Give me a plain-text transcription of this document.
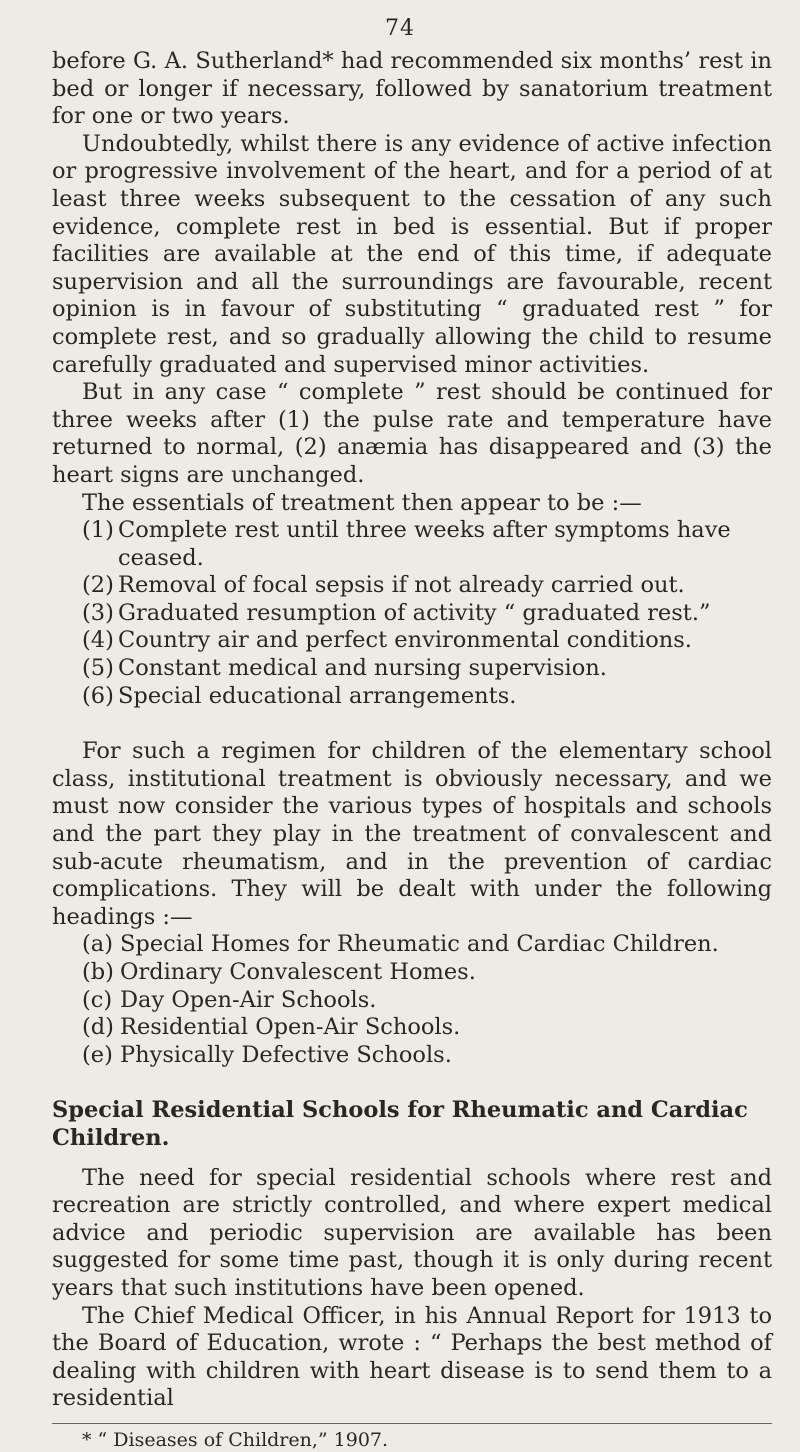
74

before G. A. Sutherland* had recommended six months’ rest in bed or longer if necessary, followed by sanatorium treatment for one or two years.

Undoubtedly, whilst there is any evidence of active infection or progressive involvement of the heart, and for a period of at least three weeks subsequent to the cessation of any such evidence, complete rest in bed is essential. But if proper facilities are available at the end of this time, if adequate supervision and all the surroundings are favourable, recent opinion is in favour of substituting “ graduated rest ” for complete rest, and so gradually allowing the child to resume carefully graduated and supervised minor activities.

But in any case “ complete ” rest should be continued for three weeks after (1) the pulse rate and temperature have returned to normal, (2) anæmia has disappeared and (3) the heart signs are unchanged.

The essentials of treatment then appear to be :—

(1) Complete rest until three weeks after symptoms have ceased.
(2) Removal of focal sepsis if not already carried out.
(3) Graduated resumption of activity “ graduated rest.”
(4) Country air and perfect environmental conditions.
(5) Constant medical and nursing supervision.
(6) Special educational arrangements.

For such a regimen for children of the elementary school class, institutional treatment is obviously necessary, and we must now consider the various types of hospitals and schools and the part they play in the treatment of convalescent and sub-acute rheumatism, and in the prevention of cardiac complications. They will be dealt with under the following headings :—

(a) Special Homes for Rheumatic and Cardiac Children.
(b) Ordinary Convalescent Homes.
(c) Day Open-Air Schools.
(d) Residential Open-Air Schools.
(e) Physically Defective Schools.

Special Residential Schools for Rheumatic and Cardiac

Children.

The need for special residential schools where rest and recreation are strictly controlled, and where expert medical advice and periodic supervision are available has been suggested for some time past, though it is only during recent years that such institutions have been opened.

The Chief Medical Officer, in his Annual Report for 1913 to the Board of Education, wrote : “ Perhaps the best method of dealing with children with heart disease is to send them to a residential

* “ Diseases of Children,” 1907.
